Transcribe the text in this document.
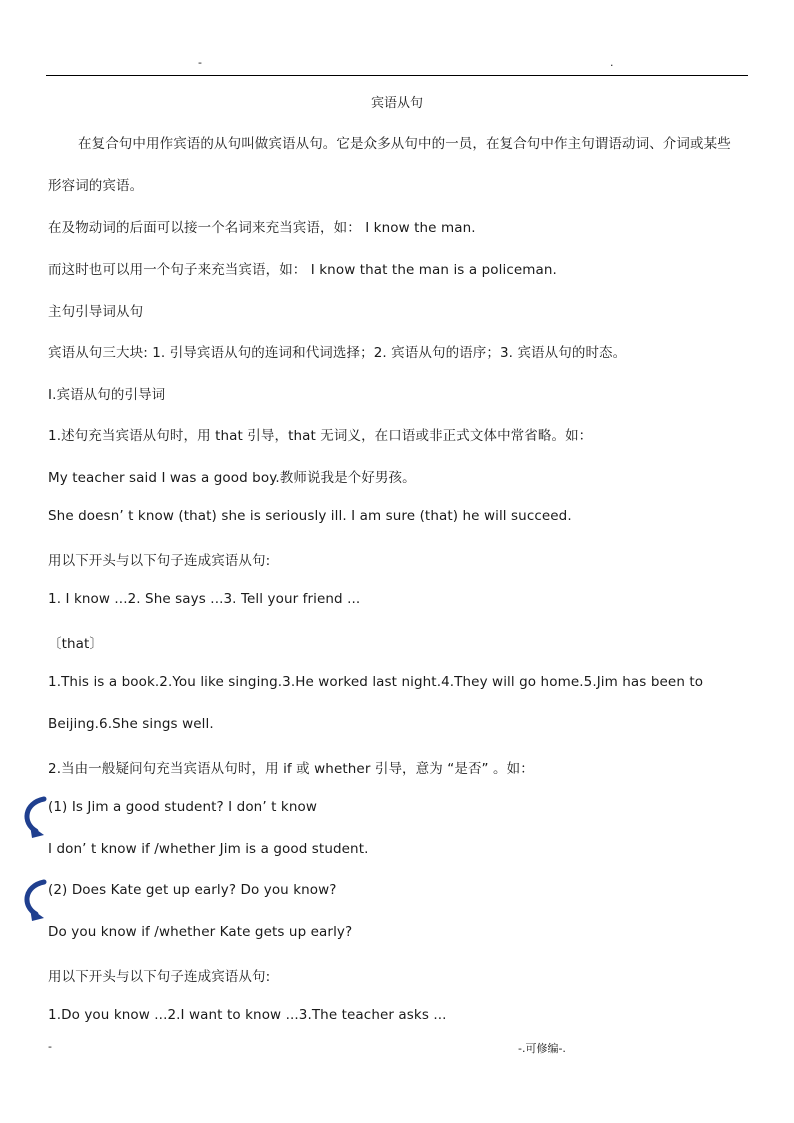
-	.
宾语从句
在复合句中用作宾语的从句叫做宾语从句。它是众多从句中的一员，在复合句中作主句谓语动词、介词或某些
形容词的宾语。
在及物动词的后面可以接一个名词来充当宾语，如： I know the man.
而这时也可以用一个句子来充当宾语，如： I know that the man is a policeman.
主句引导词从句
宾语从句三大块: 1. 引导宾语从句的连词和代词选择；2. 宾语从句的语序；3. 宾语从句的时态。
Ⅰ.宾语从句的引导词
1.述句充当宾语从句时，用 that 引导，that 无词义，在口语或非正式文体中常省略。如：
My teacher said I was a good boy.教师说我是个好男孩。
She doesn’ t know (that) she is seriously ill. I am sure (that) he will succeed.
用以下开头与以下句子连成宾语从句:
1. I know ...2. She says ...3. Tell your friend ...
〔that〕
1.This is a book.2.You like singing.3.He worked last night.4.They will go home.5.Jim has been to
Beijing.6.She sings well.
2.当由一般疑问句充当宾语从句时，用 if 或 whether 引导，意为 “是否” 。如：
(1) Is Jim a good student? I don’ t know
I don’ t know if /whether Jim is a good student.
(2) Does Kate get up early? Do you know?
Do you know if /whether Kate gets up early?
用以下开头与以下句子连成宾语从句:
1.Do you know ...2.I want to know ...3.The teacher asks ...
-	-.可修编-.
